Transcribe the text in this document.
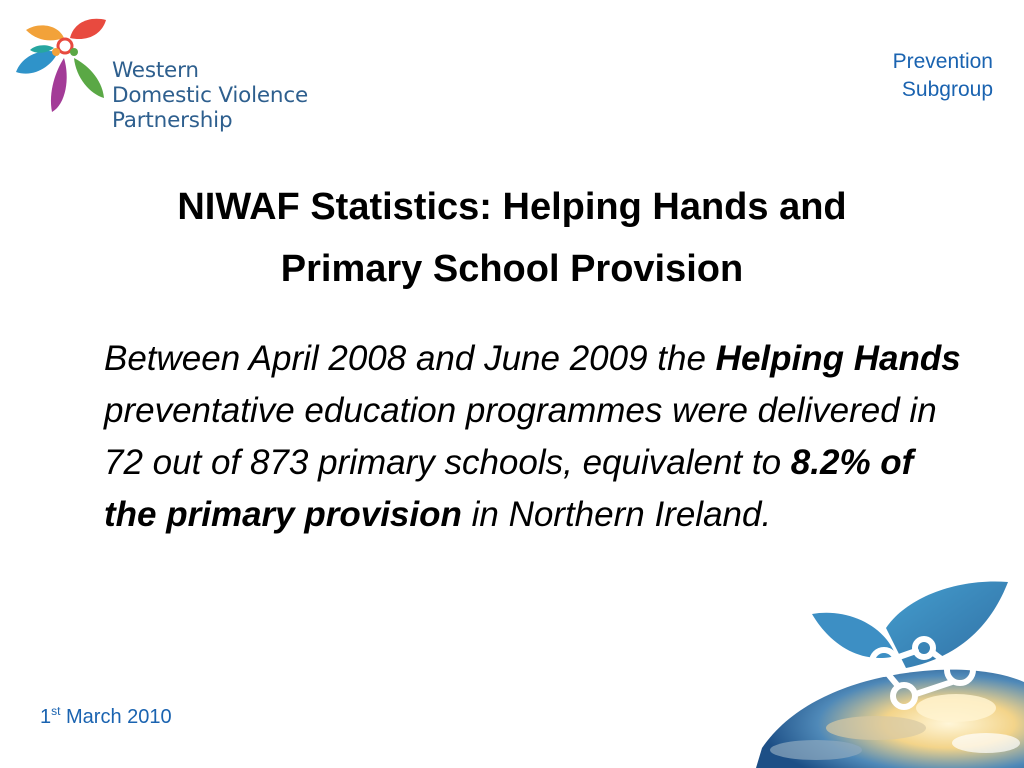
Western
Domestic Violence
Partnership
Prevention
Subgroup
NIWAF Statistics: Helping Hands and
Primary School Provision
Between April 2008 and June 2009 the Helping Hands preventative education programmes were delivered in 72 out of 873 primary schools, equivalent to 8.2% of the primary provision in Northern Ireland.
1st March 2010
